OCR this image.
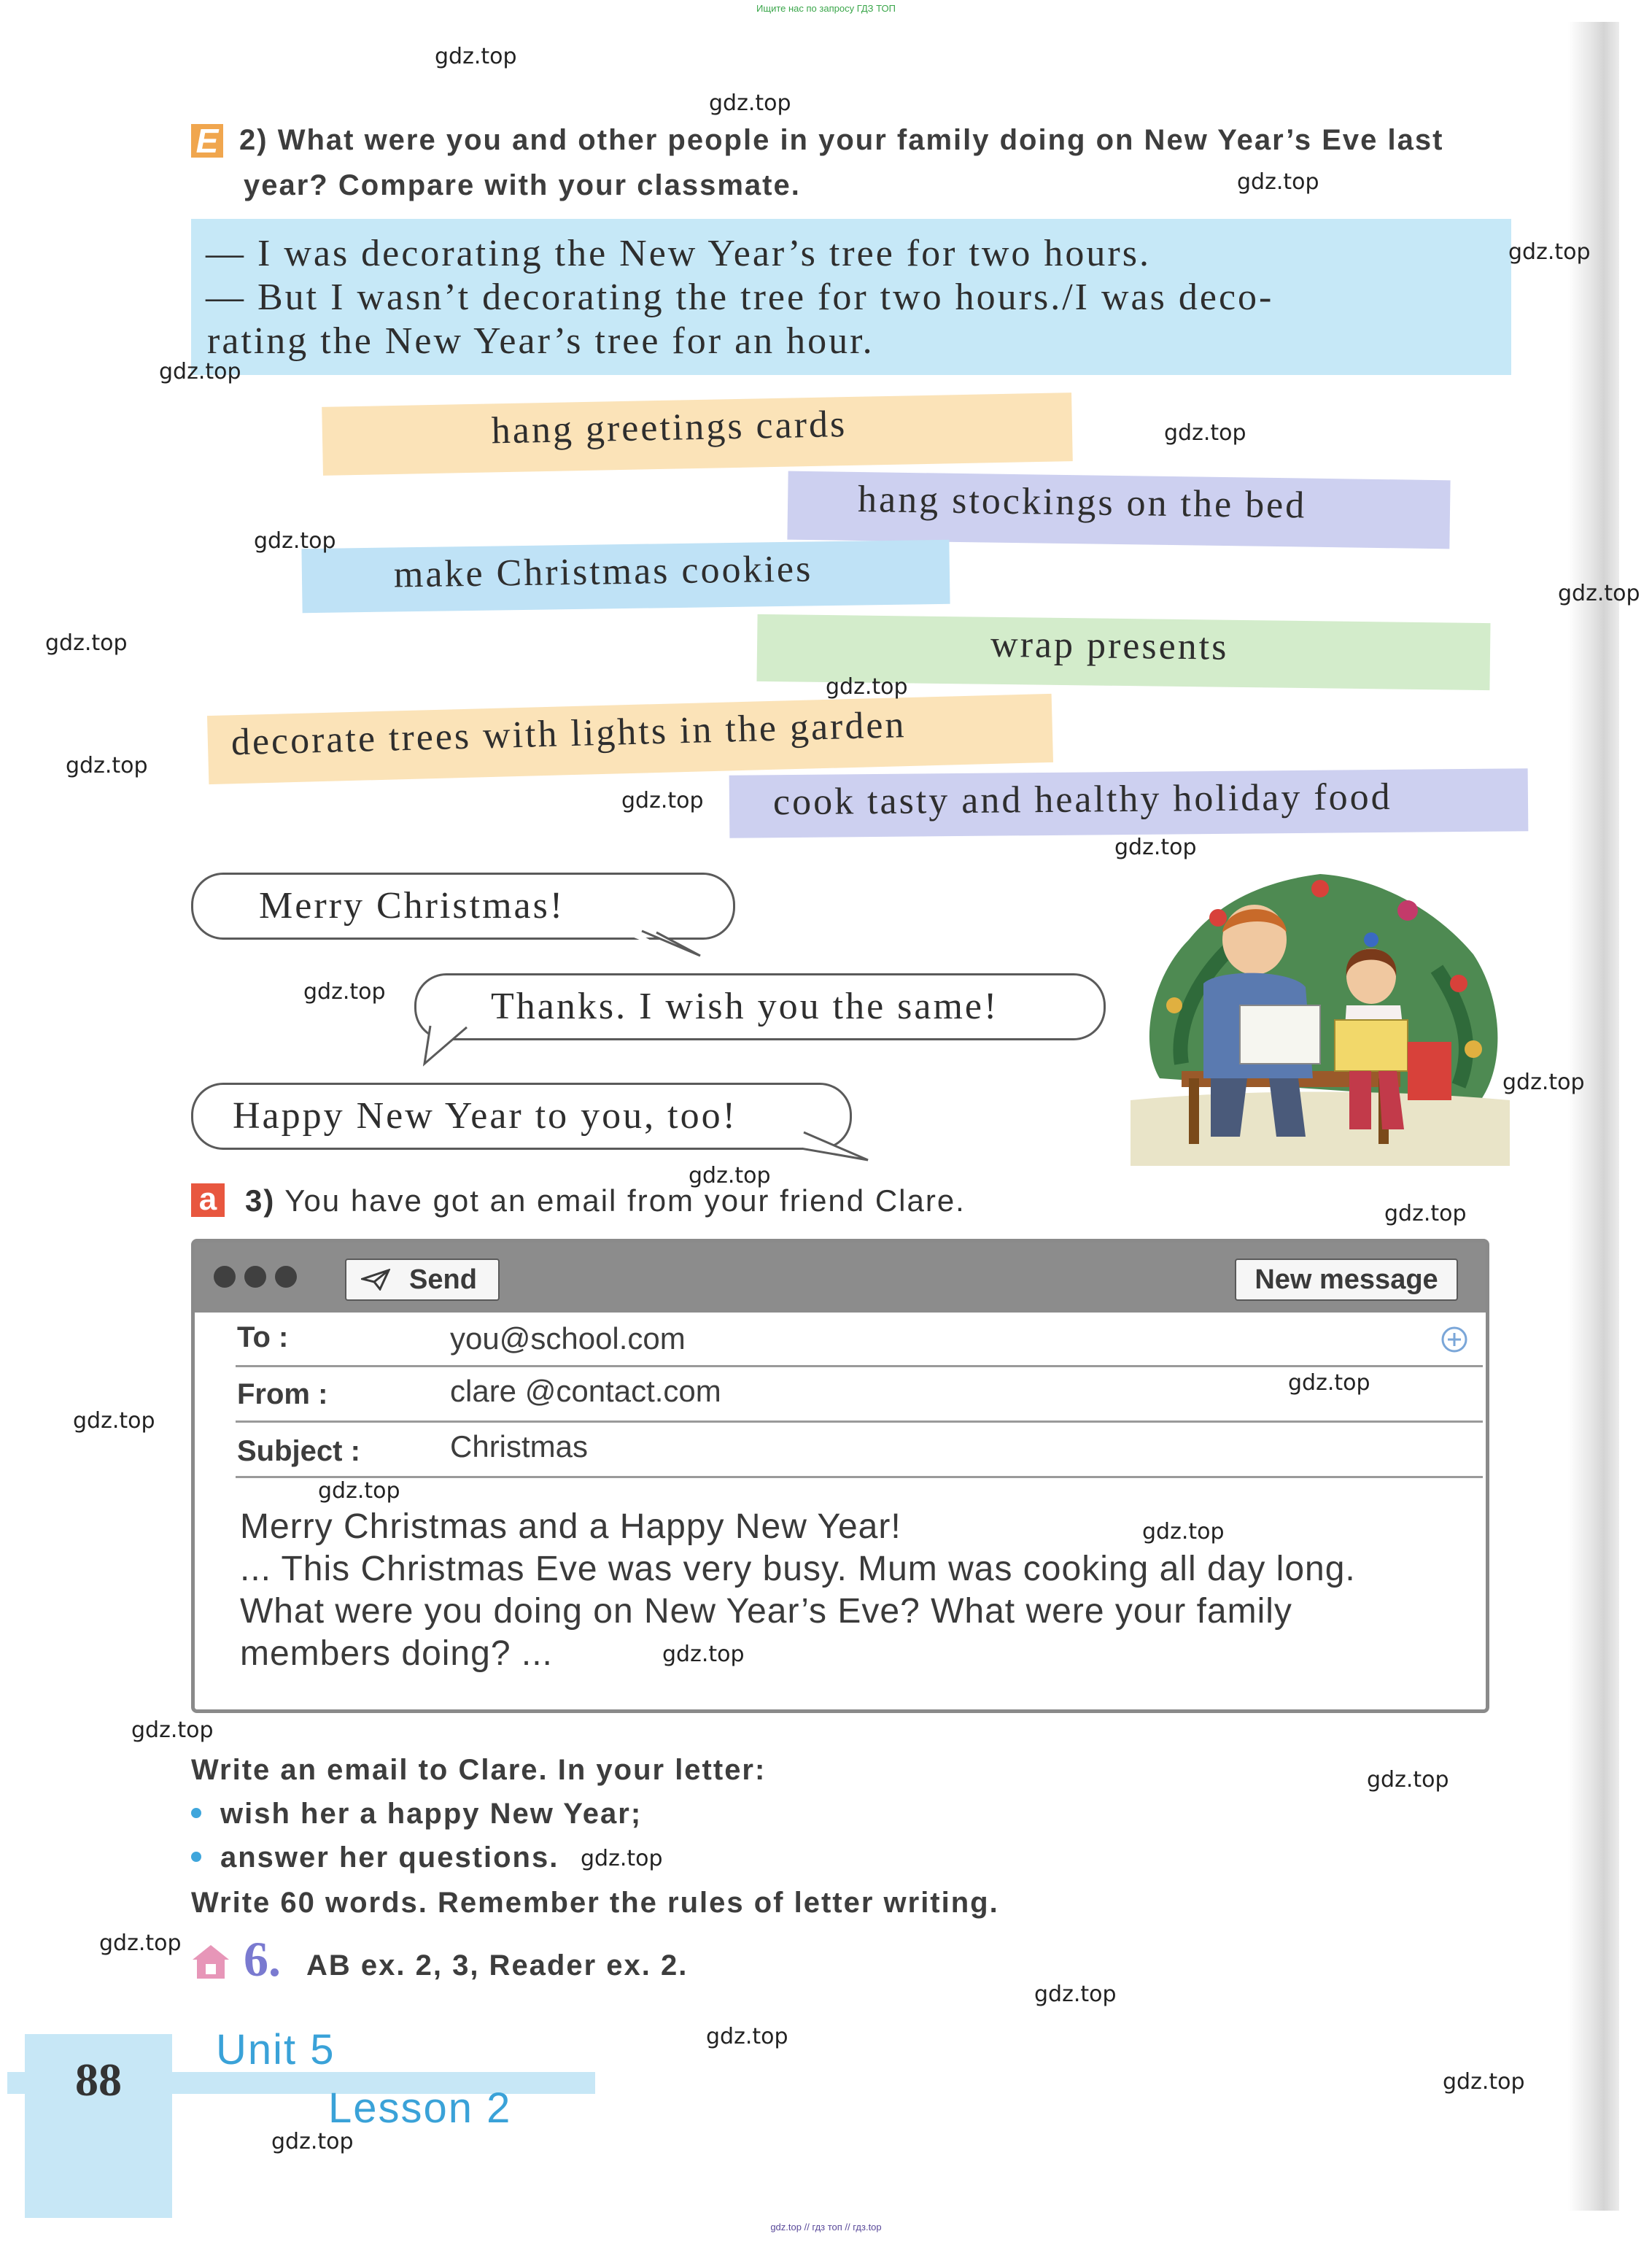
Ищите нас по запросу ГДЗ ТОП
E 2) What were you and other people in your family doing on New Year’s Eve last
year? Compare with your classmate.
— I was decorating the New Year’s tree for two hours.
— But I wasn’t decorating the tree for two hours./I was deco-
rating the New Year’s tree for an hour.
hang greetings cards
hang stockings on the bed
make Christmas cookies
wrap presents
decorate trees with lights in the garden
cook tasty and healthy holiday food
Merry Christmas!
Thanks. I wish you the same!
Happy New Year to you, too!
a 3) You have got an email from your friend Clare.
Send	New message
To :	you@school.com
From :	clare @contact.com
Subject :	Christmas
Merry Christmas and a Happy New Year!
... This Christmas Eve was very busy. Mum was cooking all day long.
What were you doing on New Year’s Eve? What were your family
members doing? ...
Write an email to Clare. In your letter:
wish her a happy New Year;
answer her questions.
Write 60 words. Remember the rules of letter writing.
6. AB ex. 2, 3, Reader ex. 2.
88
Unit 5
Lesson 2
gdz.top // гдз топ // гдз.top
gdz.top
gdz.top
gdz.top
gdz.top
gdz.top
gdz.top
gdz.top
gdz.top
gdz.top
gdz.top
gdz.top
gdz.top
gdz.top
gdz.top
gdz.top
gdz.top
gdz.top
gdz.top
gdz.top
gdz.top
gdz.top
gdz.top
gdz.top
gdz.top
gdz.top
gdz.top
gdz.top
gdz.top
gdz.top
gdz.top
